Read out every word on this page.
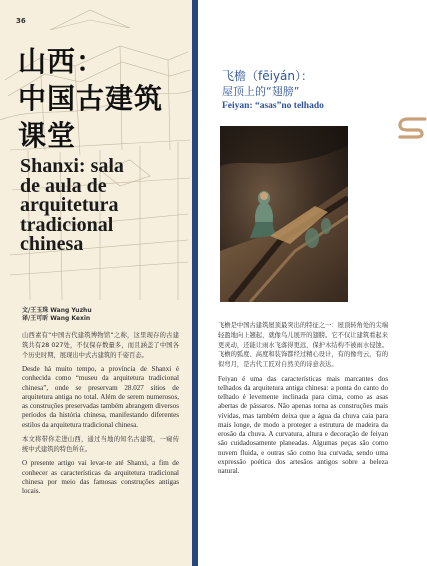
36
山西：
中国古建筑
课堂
Shanxi: sala
de aula de
arquitetura
tradicional
chinesa
文/王玉珠 Wang Yuzhu
译/王可昕 Wang Kexin

山西素有“中国古代建筑博物馆”之称，这里现存的古建筑共有28 027处，不仅保存数量多，而且涵盖了中国各个历史时期，展现出中式古建筑的千姿百态。

Desde há muito tempo, a província de Shanxi é conhecida como “museu da arquitetura tradicional chinesa”, onde se preservam 28.027 sítios de arquitetura antiga no total. Além de serem numerosos, as construções preservadas também abrangem diversos períodos da história chinesa, manifestando diferentes estilos da arquitetura tradicional chinesa.

本文将带你走进山西，通过当地的知名古建筑，一窥传统中式建筑的特色所在。

O presente artigo vai levar-te até Shanxi, a fim de conhecer as características da arquitetura tradicional chinesa por meio das famosas construções antigas locais.

飞檐（fēiyán）：
屋顶上的“翅膀”
Feiyan: “asas”no telhado

飞檐是中国古建筑屋顶最突出的特征之一：屋顶转角处的尖端轻盈地向上翘起，就像鸟儿展开的翅膀。它不仅让建筑看起来更灵动，还能让雨水飞落得更远，保护木结构不被雨水侵蚀。飞檐的弧度、高度和装饰都经过精心设计，有的像弯云，有的似弯月，是古代工匠对自然美的诗意表达。

Feiyan é uma das características mais marcantes dos telhados da arquitetura antiga chinesa: a ponta do canto do telhado é levemente inclinada para cima, como as asas abertas de pássaros. Não apenas torna as construções mais vívidas, mas também deixa que a água da chuva caia para mais longe, de modo a proteger a estrutura de madeira da erosão da chuva. A curvatura, altura e decoração de feiyan são cuidadosamente planeadas. Algumas peças são como nuvem fluida, e outras são como lua curvada, sendo uma expressão poética dos artesãos antigos sobre a beleza natural.
